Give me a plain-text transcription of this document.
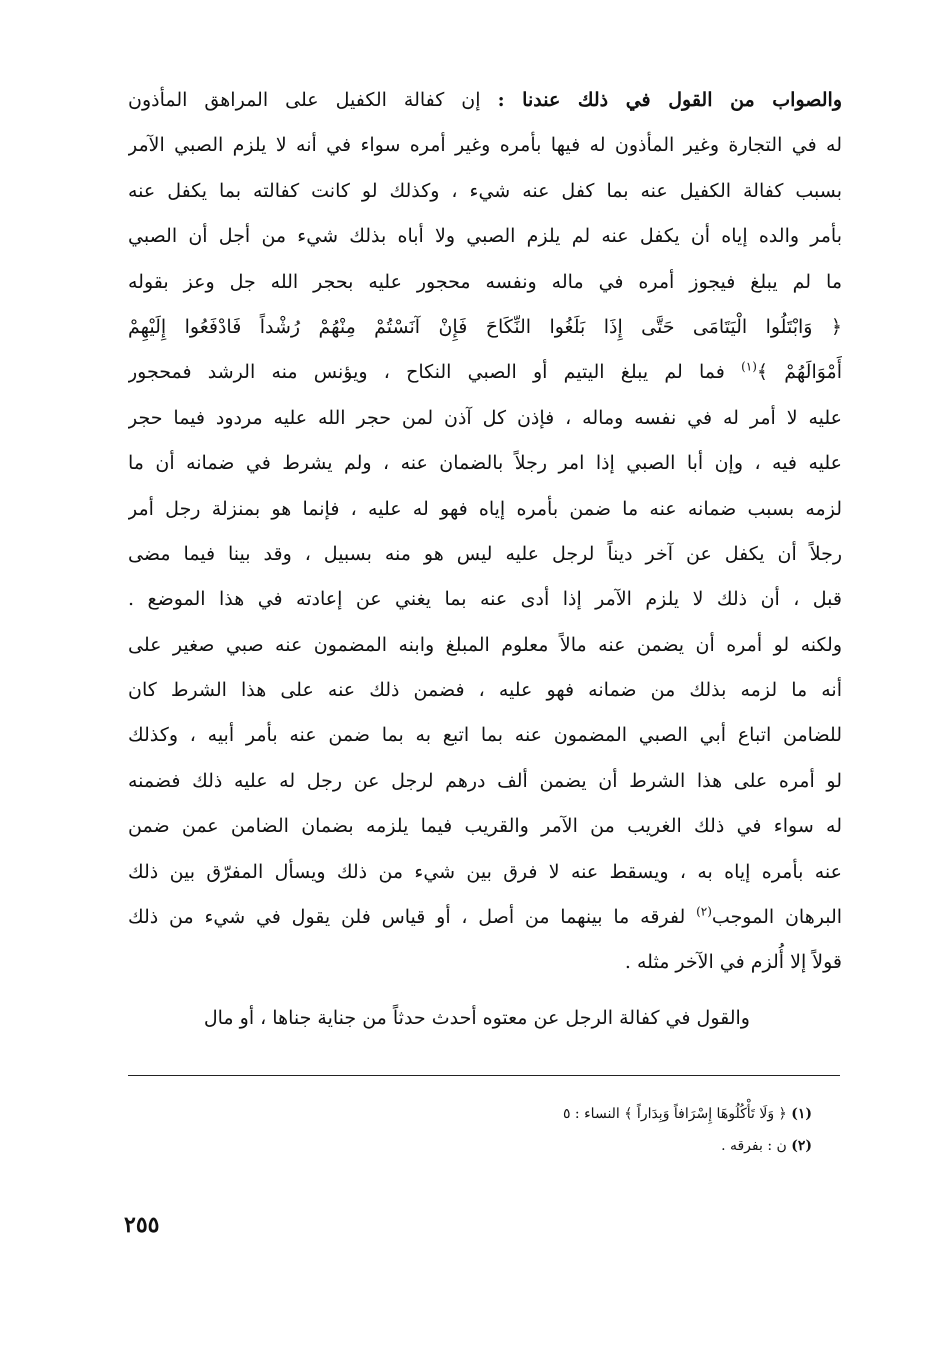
والصواب من القول في ذلك عندنا : إن كفالة الكفيل على المراهق المأذون
له في التجارة وغير المأذون له فيها بأمره وغير أمره سواء في أنه لا يلزم الصبي الآمر
بسبب كفالة الكفيل عنه بما كفل عنه شيء ، وكذلك لو كانت كفالته بما يكفل عنه
بأمر والده إياه أن يكفل عنه لم يلزم الصبي ولا أباه بذلك شيء من أجل أن الصبي
ما لم يبلغ فيجوز أمره في ماله ونفسه محجور عليه بحجر الله جل وعز بقوله
﴿ وَابْتَلُوا الْيَتَامَى حَتَّى إِذَا بَلَغُوا النِّكَاحَ فَإِنْ آنَسْتُمْ مِنْهُمْ رُشْداً فَادْفَعُوا إِلَيْهِمْ
أَمْوَالَهُمْ ﴾$^{(١)}$ فما لم يبلغ اليتيم أو الصبي النكاح ، ويؤنس منه الرشد فمحجور
عليه لا أمر له في نفسه وماله ، فإذن كل آذن لمن حجر الله عليه مردود فيما حجر
عليه فيه ، وإن أبا الصبي إذا امر رجلاً بالضمان عنه ، ولم يشرط في ضمانه أن ما
لزمه بسبب ضمانه عنه ما ضمن بأمره إياه فهو له عليه ، فإنما هو بمنزلة رجل أمر
رجلاً أن يكفل عن آخر ديناً لرجل عليه ليس هو منه بسبيل ، وقد بينا فيما مضى
قبل ، أن ذلك لا يلزم الآمر إذا أدى عنه بما يغني عن إعادته في هذا الموضع .
ولكنه لو أمره أن يضمن عنه مالاً معلوم المبلغ وابنه المضمون عنه صبي صغير على
أنه ما لزمه بذلك من ضمانه فهو عليه ، فضمن ذلك عنه على هذا الشرط كان
للضامن اتباع أبي الصبي المضمون عنه بما اتبع به بما ضمن عنه بأمر أبيه ، وكذلك
لو أمره على هذا الشرط أن يضمن ألف درهم لرجل عن رجل له عليه ذلك فضمنه
له سواء في ذلك الغريب من الآمر والقريب فيما يلزمه بضمان الضامن عمن ضمن
عنه بأمره إياه به ، ويسقط عنه لا فرق بين شيء من ذلك ويسأل المفرّق بين ذلك
البرهان الموجب$^{(٢)}$ لفرقه ما بينهما من أصل ، أو قياس فلن يقول في شيء من ذلك
قولاً إلا أُلزم في الآخر مثله .
والقول في كفالة الرجل عن معتوه أحدث حدثاً من جناية جناها ، أو مال
(١) ﴿ وَلَا تَأْكُلُوهَا إِسْرَافاً وَبِدَاراً ﴾ النساء : ٥
(٢) ن : بفرقه .
٢٥٥
